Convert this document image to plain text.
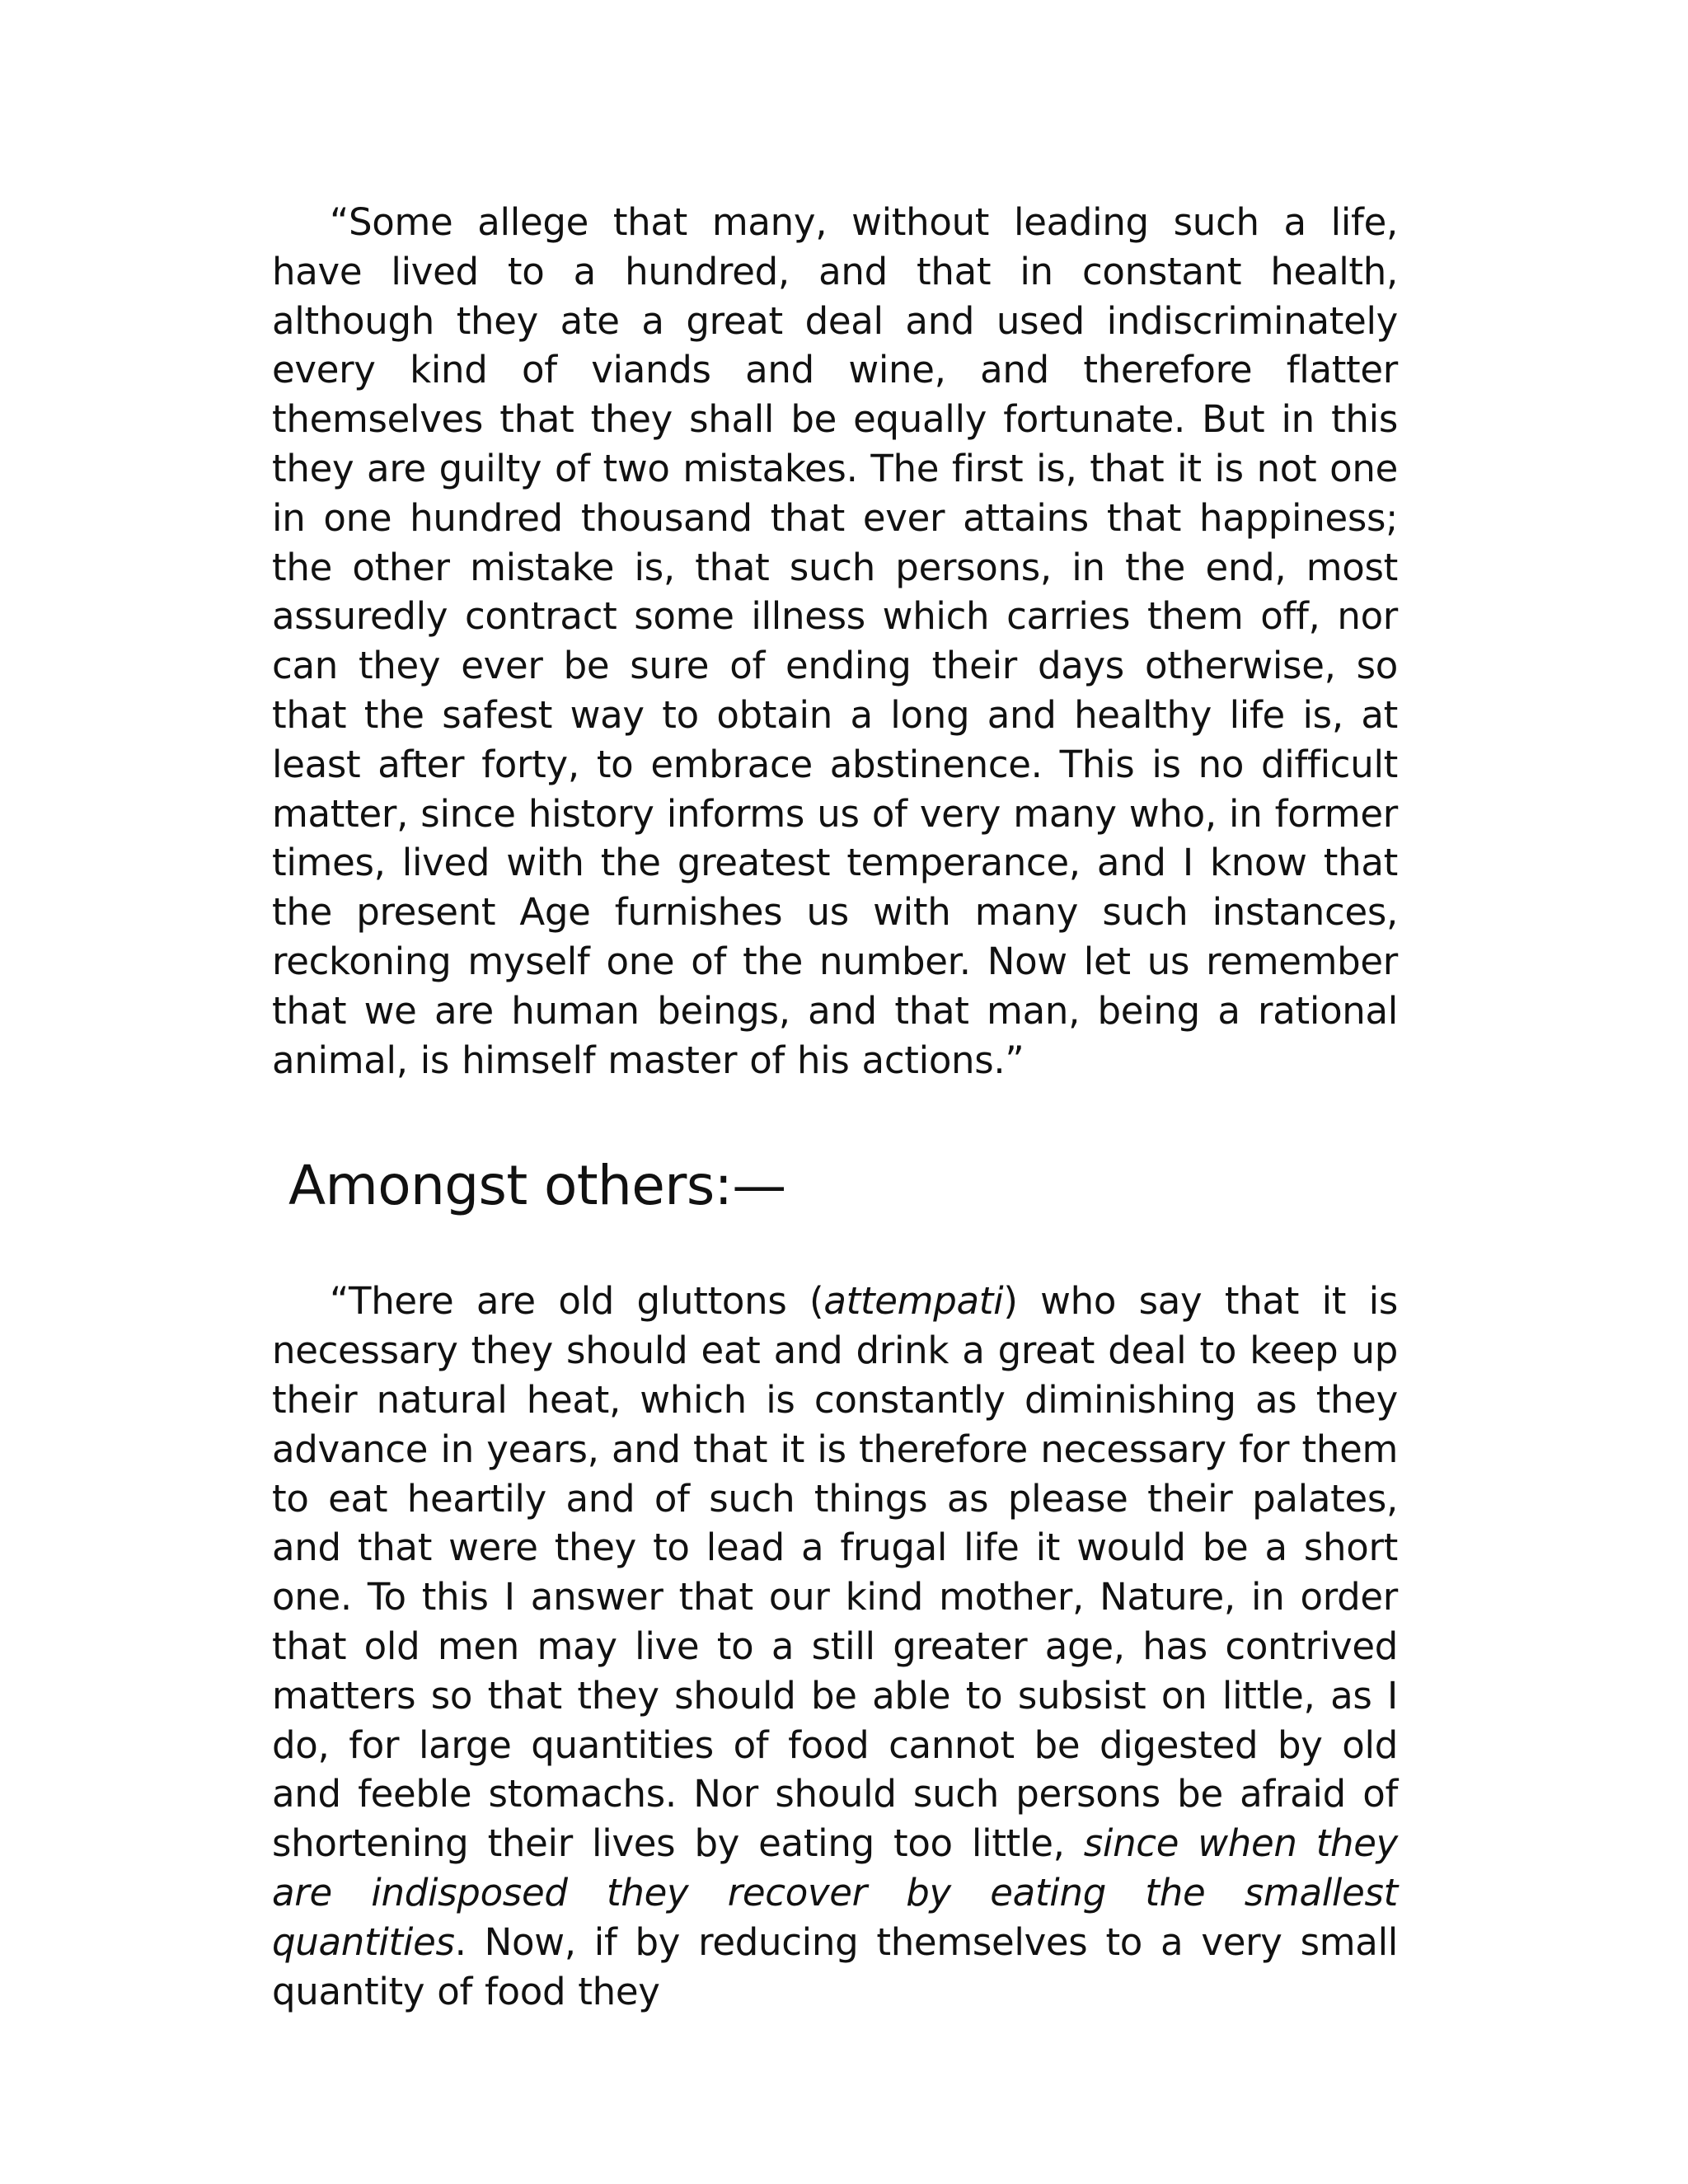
“Some allege that many, without leading such a life, have lived to a hundred, and that in constant health, although they ate a great deal and used indiscriminately every kind of viands and wine, and therefore flatter themselves that they shall be equally fortunate. But in this they are guilty of two mistakes. The first is, that it is not one in one hundred thousand that ever attains that happiness; the other mistake is, that such persons, in the end, most assuredly contract some illness which carries them off, nor can they ever be sure of ending their days otherwise, so that the safest way to obtain a long and healthy life is, at least after forty, to embrace abstinence. This is no difficult matter, since history informs us of very many who, in former times, lived with the greatest temperance, and I know that the present Age furnishes us with many such instances, reckoning myself one of the number. Now let us remember that we are human beings, and that man, being a rational animal, is himself master of his actions.”

Amongst others:—

“There are old gluttons (attempati) who say that it is necessary they should eat and drink a great deal to keep up their natural heat, which is constantly diminishing as they advance in years, and that it is therefore necessary for them to eat heartily and of such things as please their palates, and that were they to lead a frugal life it would be a short one. To this I answer that our kind mother, Nature, in order that old men may live to a still greater age, has contrived matters so that they should be able to subsist on little, as I do, for large quantities of food cannot be digested by old and feeble stomachs. Nor should such persons be afraid of shortening their lives by eating too little, since when they are indisposed they recover by eating the smallest quantities. Now, if by reducing themselves to a very small quantity of food they
